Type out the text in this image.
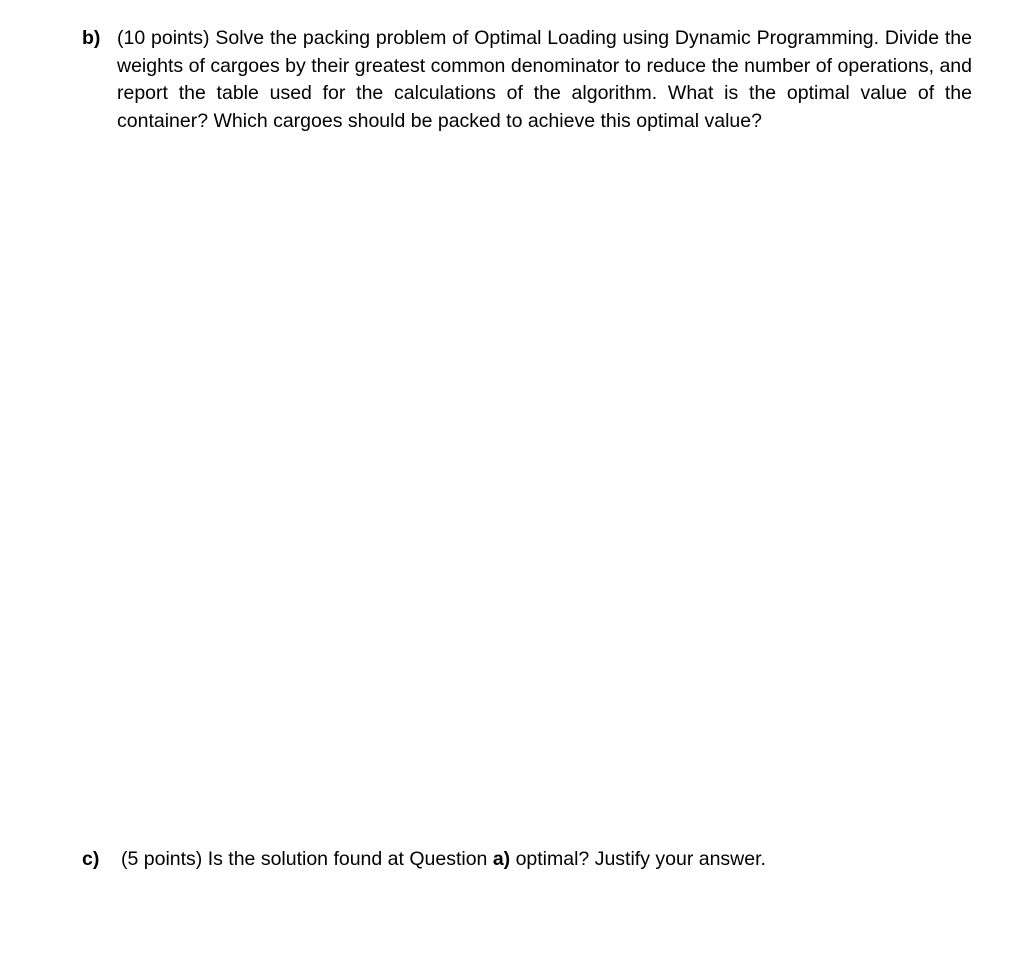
b) (10 points) Solve the packing problem of Optimal Loading using Dynamic Programming. Divide the weights of cargoes by their greatest common denominator to reduce the number of operations, and report the table used for the calculations of the algorithm. What is the optimal value of the container? Which cargoes should be packed to achieve this optimal value?
c)	(5 points) Is the solution found at Question a) optimal? Justify your answer.
